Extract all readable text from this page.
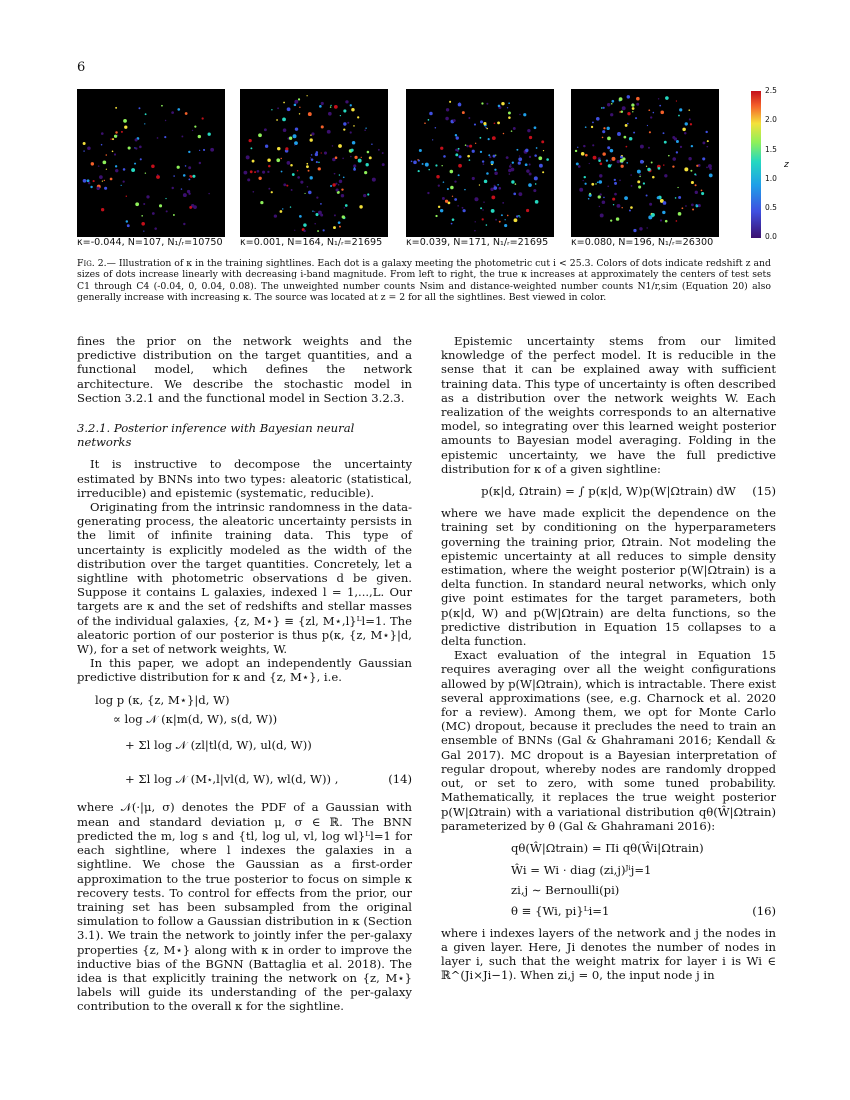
6
κ=-0.044, N=107, N₁/ᵣ=10750 κ=0.001, N=164, N₁/ᵣ=21695 κ=0.039, N=171, N₁/ᵣ=21695 κ=0.080, N=196, N₁/ᵣ=26300
2.5
2.0
1.5
1.0
0.5
0.0
z
Fig. 2.— Illustration of κ in the training sightlines. Each dot is a galaxy meeting the photometric cut i < 25.3. Colors of dots indicate redshift z and sizes of dots increase linearly with decreasing i-band magnitude. From left to right, the true κ increases at approximately the centers of test sets C1 through C4 (-0.04, 0, 0.04, 0.08). The unweighted number counts Nsim and distance-weighted number counts N1/r,sim (Equation 20) also generally increase with increasing κ. The source was located at z = 2 for all the sightlines. Best viewed in color.

fines the prior on the network weights and the predictive distribution on the target quantities, and a functional model, which defines the network architecture. We describe the stochastic model in Section 3.2.1 and the functional model in Section 3.2.3.

3.2.1. Posterior inference with Bayesian neural networks

It is instructive to decompose the uncertainty estimated by BNNs into two types: aleatoric (statistical, irreducible) and epistemic (systematic, reducible).

Originating from the intrinsic randomness in the data-generating process, the aleatoric uncertainty persists in the limit of infinite training data. This type of uncertainty is explicitly modeled as the width of the distribution over the target quantities. Concretely, let a sightline with photometric observations d be given. Suppose it contains L galaxies, indexed l = 1,...,L. Our targets are κ and the set of redshifts and stellar masses of the individual galaxies, {z, M⋆} ≡ {zl, M⋆,l}ᴸl=1. The aleatoric portion of our posterior is thus p(κ, {z, M⋆}|d, W), for a set of network weights, W.

In this paper, we adopt an independently Gaussian predictive distribution for κ and {z, M⋆}, i.e.

log p (κ, {z, M⋆}|d, W)
∝ log 𝒩 (κ|m(d, W), s(d, W))
+ Σl log 𝒩 (zl|tl(d, W), ul(d, W))
+ Σl log 𝒩 (M⋆,l|vl(d, W), wl(d, W)) ,	(14)

where 𝒩(·|μ, σ) denotes the PDF of a Gaussian with mean and standard deviation μ, σ ∈ ℝ. The BNN predicted the m, log s and {tl, log ul, vl, log wl}ᴸl=1 for each sightline, where l indexes the galaxies in a sightline. We chose the Gaussian as a first-order approximation to the true posterior to focus on simple κ recovery tests. To control for effects from the prior, our training set has been subsampled from the original simulation to follow a Gaussian distribution in κ (Section 3.1). We train the network to jointly infer the per-galaxy properties {z, M⋆} along with κ in order to improve the inductive bias of the BGNN (Battaglia et al. 2018). The idea is that explicitly training the network on {z, M⋆} labels will guide its understanding of the per-galaxy contribution to the overall κ for the sightline.

Epistemic uncertainty stems from our limited knowledge of the perfect model. It is reducible in the sense that it can be explained away with sufficient training data. This type of uncertainty is often described as a distribution over the network weights W. Each realization of the weights corresponds to an alternative model, so integrating over this learned weight posterior amounts to Bayesian model averaging. Folding in the epistemic uncertainty, we have the full predictive distribution for κ of a given sightline:

p(κ|d, Ωtrain) = ∫ p(κ|d, W)p(W|Ωtrain) dW (15)

where we have made explicit the dependence on the training set by conditioning on the hyperparameters governing the training prior, Ωtrain. Not modeling the epistemic uncertainty at all reduces to simple density estimation, where the weight posterior p(W|Ωtrain) is a delta function. In standard neural networks, which only give point estimates for the target parameters, both p(κ|d, W) and p(W|Ωtrain) are delta functions, so the predictive distribution in Equation 15 collapses to a delta function.

Exact evaluation of the integral in Equation 15 requires averaging over all the weight configurations allowed by p(W|Ωtrain), which is intractable. There exist several approximations (see, e.g. Charnock et al. 2020 for a review). Among them, we opt for Monte Carlo (MC) dropout, because it precludes the need to train an ensemble of BNNs (Gal & Ghahramani 2016; Kendall & Gal 2017). MC dropout is a Bayesian interpretation of regular dropout, whereby nodes are randomly dropped out, or set to zero, with some tuned probability. Mathematically, it replaces the true weight posterior p(W|Ωtrain) with a variational distribution qθ(Ŵ|Ωtrain) parameterized by θ (Gal & Ghahramani 2016):

qθ(Ŵ|Ωtrain) = Πi qθ(Ŵi|Ωtrain)
Ŵi = Wi · diag (zi,j)ᴶⁱj=1
zi,j ∼ Bernoulli(pi)
θ ≡ {Wi, pi}ᴸi=1	(16)

where i indexes layers of the network and j the nodes in a given layer. Here, Ji denotes the number of nodes in layer i, such that the weight matrix for layer i is Wi ∈ ℝ^(Ji×Ji−1). When zi,j = 0, the input node j in
